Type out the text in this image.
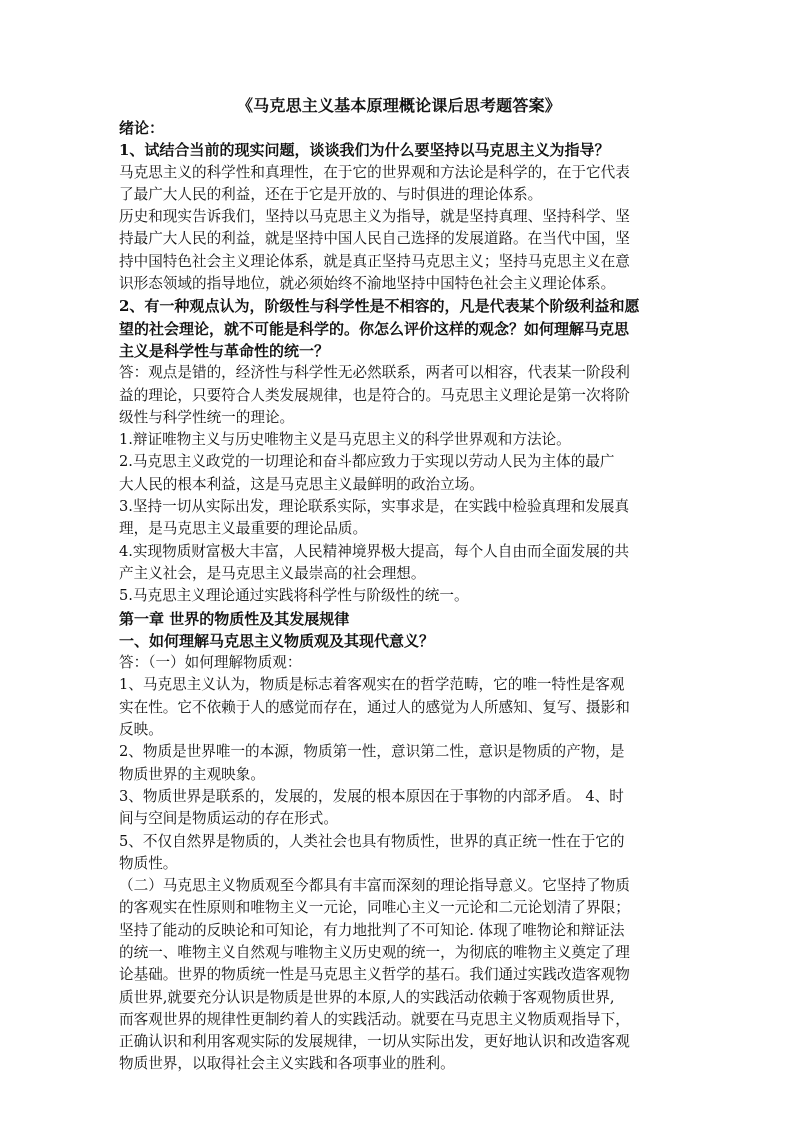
《马克思主义基本原理概论课后思考题答案》

绪论：

1、试结合当前的现实问题，谈谈我们为什么要坚持以马克思主义为指导？

马克思主义的科学性和真理性，在于它的世界观和方法论是科学的，在于它代表

了最广大人民的利益，还在于它是开放的、与时俱进的理论体系。

历史和现实告诉我们，坚持以马克思主义为指导，就是坚持真理、坚持科学、坚

持最广大人民的利益，就是坚持中国人民自己选择的发展道路。在当代中国，坚

持中国特色社会主义理论体系，就是真正坚持马克思主义；坚持马克思主义在意

识形态领域的指导地位，就必须始终不渝地坚持中国特色社会主义理论体系。

2、有一种观点认为，阶级性与科学性是不相容的，凡是代表某个阶级利益和愿

望的社会理论，就不可能是科学的。你怎么评价这样的观念？如何理解马克思

主义是科学性与革命性的统一？

答：观点是错的，经济性与科学性无必然联系，两者可以相容，代表某一阶段利

益的理论，只要符合人类发展规律，也是符合的。马克思主义理论是第一次将阶

级性与科学性统一的理论。

1.辩证唯物主义与历史唯物主义是马克思主义的科学世界观和方法论。

2.马克思主义政党的一切理论和奋斗都应致力于实现以劳动人民为主体的最广

大人民的根本利益，这是马克思主义最鲜明的政治立场。

3.坚持一切从实际出发，理论联系实际，实事求是，在实践中检验真理和发展真

理，是马克思主义最重要的理论品质。

4.实现物质财富极大丰富，人民精神境界极大提高，每个人自由而全面发展的共

产主义社会，是马克思主义最崇高的社会理想。

5.马克思主义理论通过实践将科学性与阶级性的统一。

第一章 世界的物质性及其发展规律

一、如何理解马克思主义物质观及其现代意义？

答：（一）如何理解物质观：

1、马克思主义认为，物质是标志着客观实在的哲学范畴，它的唯一特性是客观

实在性。它不依赖于人的感觉而存在，通过人的感觉为人所感知、复写、摄影和

反映。

2、物质是世界唯一的本源，物质第一性，意识第二性，意识是物质的产物，是

物质世界的主观映象。

3、物质世界是联系的，发展的，发展的根本原因在于事物的内部矛盾。 4、时

间与空间是物质运动的存在形式。

5、不仅自然界是物质的，人类社会也具有物质性，世界的真正统一性在于它的

物质性。

（二）马克思主义物质观至今都具有丰富而深刻的理论指导意义。它坚持了物质

的客观实在性原则和唯物主义一元论，同唯心主义一元论和二元论划清了界限；

坚持了能动的反映论和可知论，有力地批判了不可知论. 体现了唯物论和辩证法

的统一、唯物主义自然观与唯物主义历史观的统一，为彻底的唯物主义奠定了理

论基础。世界的物质统一性是马克思主义哲学的基石。我们通过实践改造客观物

质世界,就要充分认识是物质是世界的本原,人的实践活动依赖于客观物质世界,

而客观世界的规律性更制约着人的实践活动。就要在马克思主义物质观指导下，

正确认识和利用客观实际的发展规律，一切从实际出发，更好地认识和改造客观

物质世界，以取得社会主义实践和各项事业的胜利。
